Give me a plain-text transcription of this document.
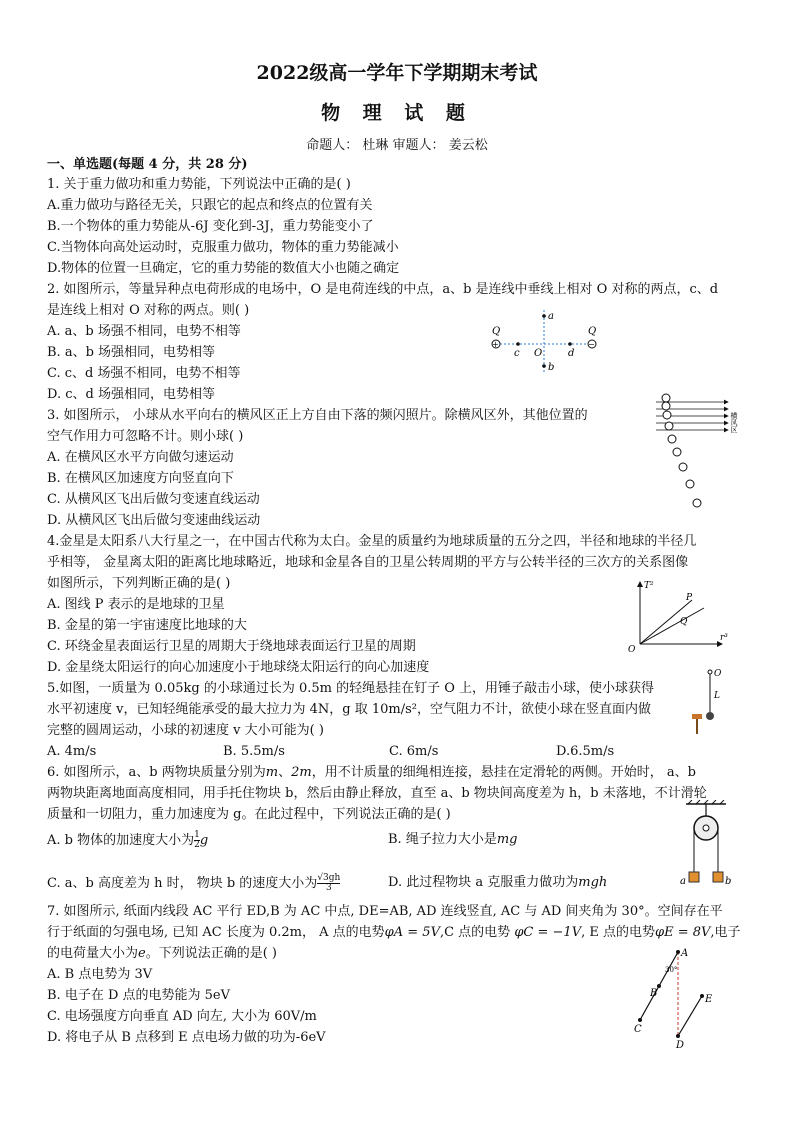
2022级高一学年下学期期末考试
物 理 试 题
命题人： 杜琳 审题人： 姜云松
一、单选题(每题 4 分，共 28 分)
1. 关于重力做功和重力势能，下列说法中正确的是( )
A.重力做功与路径无关，只跟它的起点和终点的位置有关
B.一个物体的重力势能从-6J 变化到-3J，重力势能变小了
C.当物体向高处运动时，克服重力做功，物体的重力势能减小
D.物体的位置一旦确定，它的重力势能的数值大小也随之确定
2. 如图所示，等量异种点电荷形成的电场中，O 是电荷连线的中点，a、b 是连线中垂线上相对 O 对称的两点，c、d
是连线上相对 O 对称的两点。则( )
A. a、b 场强不相同，电势不相等
B. a、b 场强相同，电势相等
C. c、d 场强不相同，电势不相等
D. c、d 场强相同，电势相等
+	−
Q	Q
a
b
c	d
O
3. 如图所示， 小球从水平向右的横风区正上方自由下落的频闪照片。除横风区外，其他位置的
空气作用力可忽略不计。则小球( )
A. 在横风区水平方向做匀速运动
B. 在横风区加速度方向竖直向下
C. 从横风区飞出后做匀变速直线运动
D. 从横风区飞出后做匀变速曲线运动
横风区
4.金星是太阳系八大行星之一，在中国古代称为太白。金星的质量约为地球质量的五分之四，半径和地球的半径几
乎相等， 金星离太阳的距离比地球略近，地球和金星各自的卫星公转周期的平方与公转半径的三次方的关系图像
如图所示，下列判断正确的是( )
A. 图线 P 表示的是地球的卫星
B. 金星的第一宇宙速度比地球的大
C. 环绕金星表面运行卫星的周期大于绕地球表面运行卫星的周期
D. 金星绕太阳运行的向心加速度小于地球绕太阳运行的向心加速度
T²
r³
O
P
Q
5.如图，一质量为 0.05kg 的小球通过长为 0.5m 的轻绳悬挂在钉子 O 上，用锤子敲击小球，使小球获得
水平初速度 v，已知轻绳能承受的最大拉力为 4N，g 取 10m/s²，空气阻力不计，欲使小球在竖直面内做
完整的圆周运动，小球的初速度 v 大小可能为( )
A. 4m/s	B. 5.5m/s	C. 6m/s	D.6.5m/s
O
L
6. 如图所示，a、b 两物块质量分别为m、2m，用不计质量的细绳相连接，悬挂在定滑轮的两侧。开始时， a、b
两物块距离地面高度相同，用手托住物块 b，然后由静止释放，直至 a、b 物块间高度差为 h，b 未落地，不计滑轮
质量和一切阻力，重力加速度为 g。在此过程中，下列说法正确的是( )
A. b 物体的加速度大小为 $\frac{1}{2}$ g	B. 绳子拉力大小是mg
C. a、b 高度差为 h 时， 物块 b 的速度大小为 $\frac{√3gh}{3}$	D. 此过程物块 a 克服重力做功为mgh	a	b
7. 如图所示, 纸面内线段 AC 平行 ED,B 为 AC 中点, DE=AB, AD 连线竖直, AC 与 AD 间夹角为 30°。空间存在平
行于纸面的匀强电场, 已知 AC 长度为 0.2m， A 点的电势φA = 5V,C 点的电势 φC = −1V, E 点的电势φE = 8V,电子
的电荷量大小为e。下列说法正确的是( )
A. B 点电势为 3V
B. 电子在 D 点的电势能为 5eV
C. 电场强度方向垂直 AD 向左, 大小为 60V/m
D. 将电子从 B 点移到 E 点电场力做的功为-6eV
A
B
C
D
E
30°
